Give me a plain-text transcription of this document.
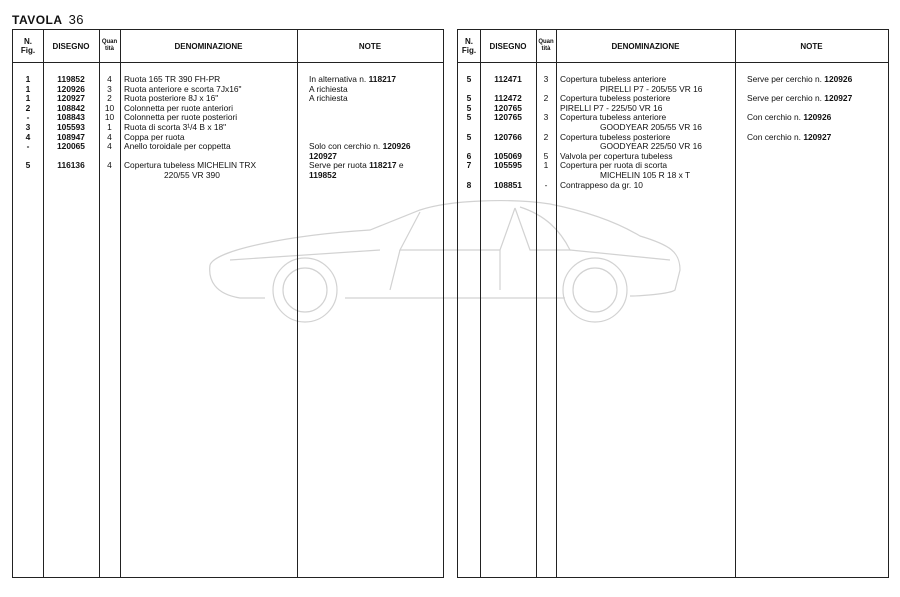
TAVOLA 36
N.
Fig.	DISEGNO	Quan
tità	DENOMINAZIONE	NOTE
1	119852	4	Ruota 165 TR 390 FH-PR	In alternativa n. 118217
1	120926	3	Ruota anteriore e scorta 7Jx16"	A richiesta
1	120927	2	Ruota posteriore 8J x 16"	A richiesta
2	108842	10	Colonnetta per ruote anteriori
-	108843	10	Colonnetta per ruote posteriori
3	105593	1	Ruota di scorta 3¹/4 B x 18"
4	108947	4	Coppa per ruota
-	120065	4	Anello toroidale per coppetta	Solo con cerchio n. 120926
120927
5	116136	4	Copertura tubeless MICHELIN TRX	Serve per ruota 118217 e
220/55 VR 390	119852
N.
Fig.	DISEGNO	Quan
tità	DENOMINAZIONE	NOTE
5	112471	3	Copertura tubeless anteriore	Serve per cerchio n. 120926
PIRELLI P7 - 205/55 VR 16
5	112472	2	Copertura tubeless posteriore	Serve per cerchio n. 120927
5	120765	PIRELLI P7 - 225/50 VR 16
5	120765	3	Copertura tubeless anteriore	Con cerchio n. 120926
GOODYEAR 205/55 VR 16
5	120766	2	Copertura tubeless posteriore	Con cerchio n. 120927
GOODYEAR 225/50 VR 16
6	105069	5	Valvola per copertura tubeless
7	105595	1	Copertura per ruota di scorta
MICHELIN 105 R 18 x T
8	108851	-	Contrappeso da gr. 10
